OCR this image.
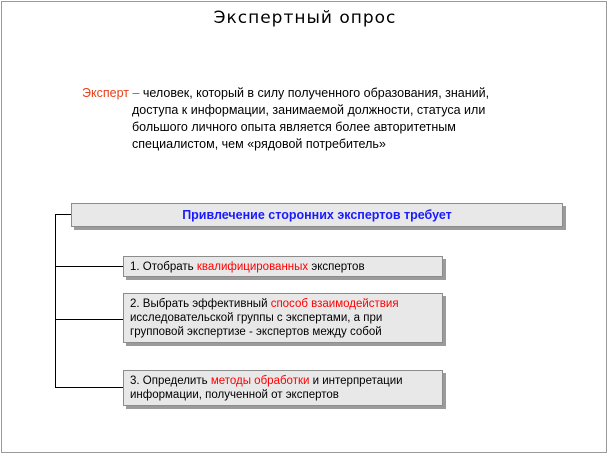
Экспертный опрос
Эксперт – человек, который в силу полученного образования, знаний,
доступа к информации, занимаемой должности, статуса или большого личного опыта является более авторитетным специалистом, чем «рядовой потребитель»
Привлечение сторонних экспертов требует
1. Отобрать квалифицированных экспертов
2. Выбрать эффективный способ взаимодействия исследовательской группы с экспертами, а при групповой экспертизе - экспертов между собой
3. Определить методы обработки и интерпретации информации, полученной от экспертов
